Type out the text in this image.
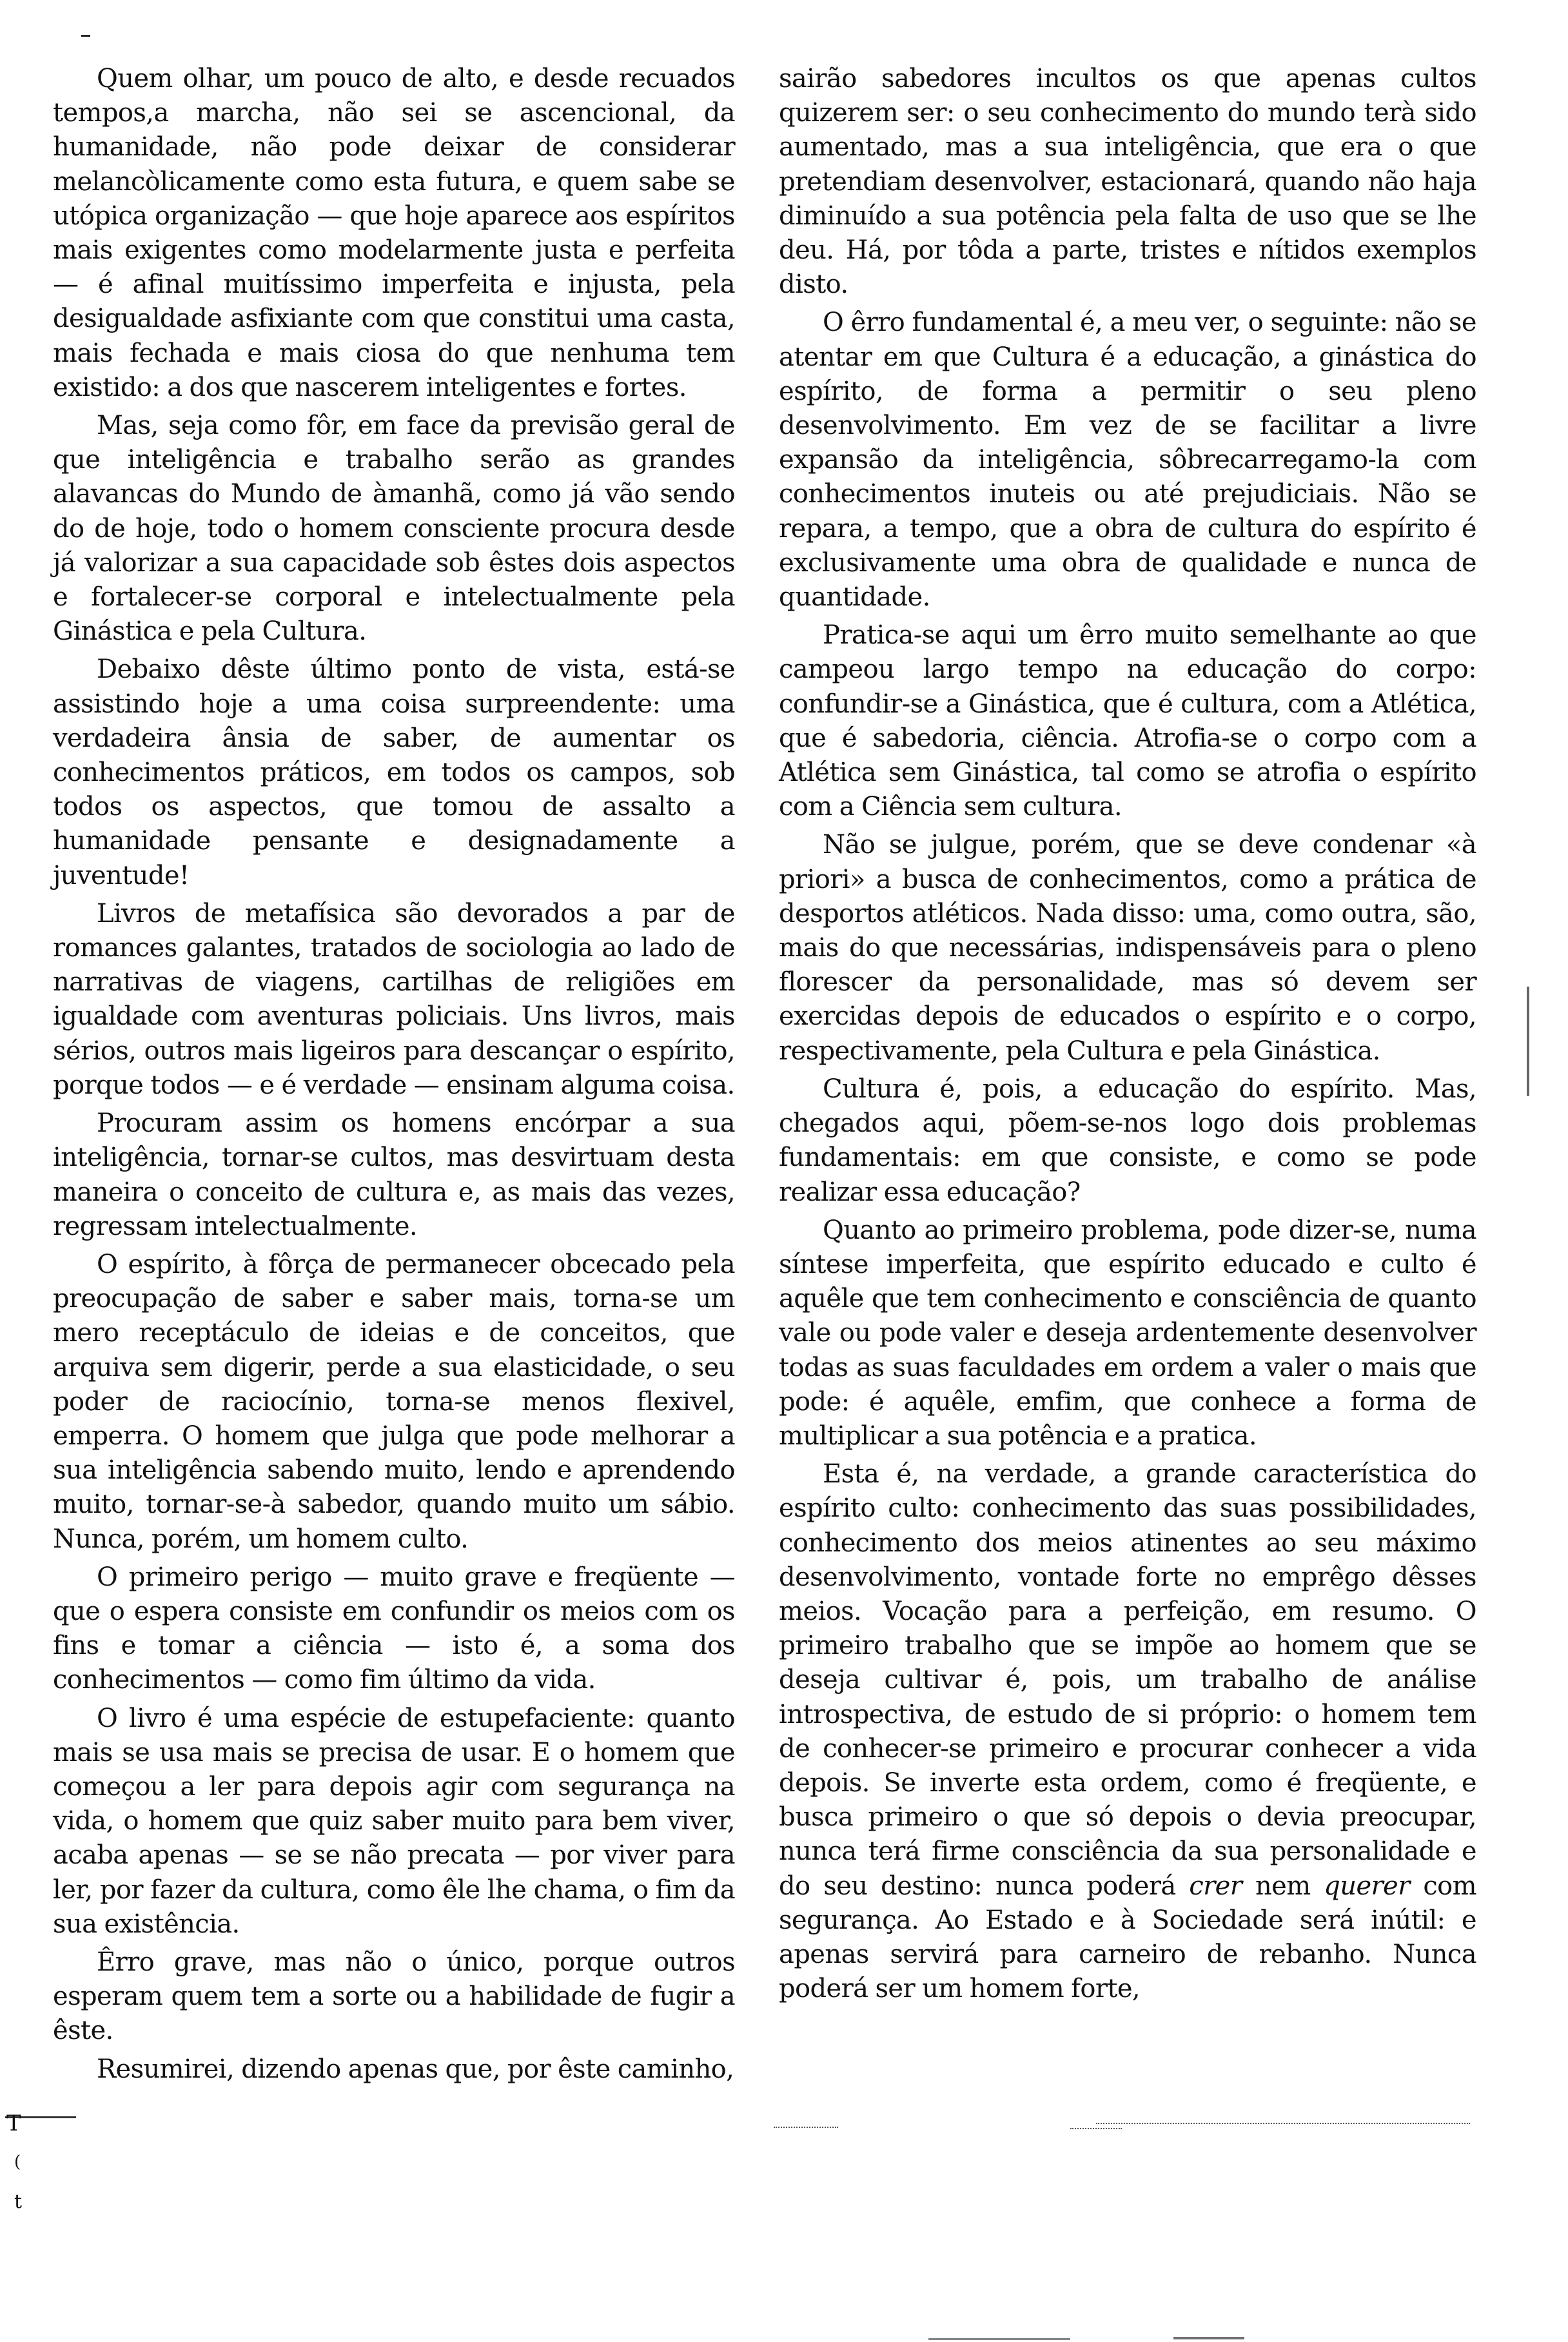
Quem olhar, um pouco de alto, e desde recuados tempos,a marcha, não sei se ascencional, da humanidade, não pode deixar de considerar melancòlicamente como esta futura, e quem sabe se utópica organização — que hoje aparece aos espíritos mais exigentes como modelarmente justa e perfeita — é afinal muitíssimo imperfeita e injusta, pela desigualdade asfixiante com que constitui uma casta, mais fechada e mais ciosa do que nenhuma tem existido: a dos que nascerem inteligentes e fortes.

Mas, seja como fôr, em face da previsão geral de que inteligência e trabalho serão as grandes alavancas do Mundo de àmanhã, como já vão sendo do de hoje, todo o homem consciente procura desde já valorizar a sua capacidade sob êstes dois aspectos e fortalecer-se corporal e intelectualmente pela Ginástica e pela Cultura.

Debaixo dêste último ponto de vista, está-se assistindo hoje a uma coisa surpreendente: uma verdadeira ânsia de saber, de aumentar os conhecimentos práticos, em todos os campos, sob todos os aspectos, que tomou de assalto a humanidade pensante e designadamente a juventude!

Livros de metafísica são devorados a par de romances galantes, tratados de sociologia ao lado de narrativas de viagens, cartilhas de religiões em igualdade com aventuras policiais. Uns livros, mais sérios, outros mais ligeiros para descançar o espírito, porque todos — e é verdade — ensinam alguma coisa.

Procuram assim os homens encórpar a sua inteligência, tornar-se cultos, mas desvirtuam desta maneira o conceito de cultura e, as mais das vezes, regressam intelectualmente.

O espírito, à fôrça de permanecer obcecado pela preocupação de saber e saber mais, torna-se um mero receptáculo de ideias e de conceitos, que arquiva sem digerir, perde a sua elasticidade, o seu poder de raciocínio, torna-se menos flexivel, emperra. O homem que julga que pode melhorar a sua inteligência sabendo muito, lendo e aprendendo muito, tornar-se-à sabedor, quando muito um sábio. Nunca, porém, um homem culto.

O primeiro perigo — muito grave e freqüente — que o espera consiste em confundir os meios com os fins e tomar a ciência — isto é, a soma dos conhecimentos — como fim último da vida.

O livro é uma espécie de estupefaciente: quanto mais se usa mais se precisa de usar. E o homem que começou a ler para depois agir com segurança na vida, o homem que quiz saber muito para bem viver, acaba apenas — se se não precata — por viver para ler, por fazer da cultura, como êle lhe chama, o fim da sua existência.

Êrro grave, mas não o único, porque outros esperam quem tem a sorte ou a habilidade de fugir a êste.

Resumirei, dizendo apenas que, por êste caminho,

sairão sabedores incultos os que apenas cultos quizerem ser: o seu conhecimento do mundo terà sido aumentado, mas a sua inteligência, que era o que pretendiam desenvolver, estacionará, quando não haja diminuído a sua potência pela falta de uso que se lhe deu. Há, por tôda a parte, tristes e nítidos exemplos disto.

O êrro fundamental é, a meu ver, o seguinte: não se atentar em que Cultura é a educação, a ginástica do espírito, de forma a permitir o seu pleno desenvolvimento. Em vez de se facilitar a livre expansão da inteligência, sôbrecarregamo-la com conhecimentos inuteis ou até prejudiciais. Não se repara, a tempo, que a obra de cultura do espírito é exclusivamente uma obra de qualidade e nunca de quantidade.

Pratica-se aqui um êrro muito semelhante ao que campeou largo tempo na educação do corpo: confundir-se a Ginástica, que é cultura, com a Atlética, que é sabedoria, ciência. Atrofia-se o corpo com a Atlética sem Ginástica, tal como se atrofia o espírito com a Ciência sem cultura.

Não se julgue, porém, que se deve condenar «à priori» a busca de conhecimentos, como a prática de desportos atléticos. Nada disso: uma, como outra, são, mais do que necessárias, indispensáveis para o pleno florescer da personalidade, mas só devem ser exercidas depois de educados o espírito e o corpo, respectivamente, pela Cultura e pela Ginástica.

Cultura é, pois, a educação do espírito. Mas, chegados aqui, põem-se-nos logo dois problemas fundamentais: em que consiste, e como se pode realizar essa educação?

Quanto ao primeiro problema, pode dizer-se, numa síntese imperfeita, que espírito educado e culto é aquêle que tem conhecimento e consciência de quanto vale ou pode valer e deseja ardentemente desenvolver todas as suas faculdades em ordem a valer o mais que pode: é aquêle, emfim, que conhece a forma de multiplicar a sua potência e a pratica.

Esta é, na verdade, a grande característica do espírito culto: conhecimento das suas possibilidades, conhecimento dos meios atinentes ao seu máximo desenvolvimento, vontade forte no emprêgo dêsses meios. Vocação para a perfeição, em resumo. O primeiro trabalho que se impõe ao homem que se deseja cultivar é, pois, um trabalho de análise introspectiva, de estudo de si próprio: o homem tem de conhecer-se primeiro e procurar conhecer a vida depois. Se inverte esta ordem, como é freqüente, e busca primeiro o que só depois o devia preocupar, nunca terá firme consciência da sua personalidade e do seu destino: nunca poderá crer nem querer com segurança. Ao Estado e à Sociedade será inútil: e apenas servirá para carneiro de rebanho. Nunca poderá ser um homem forte,

T
(
t
